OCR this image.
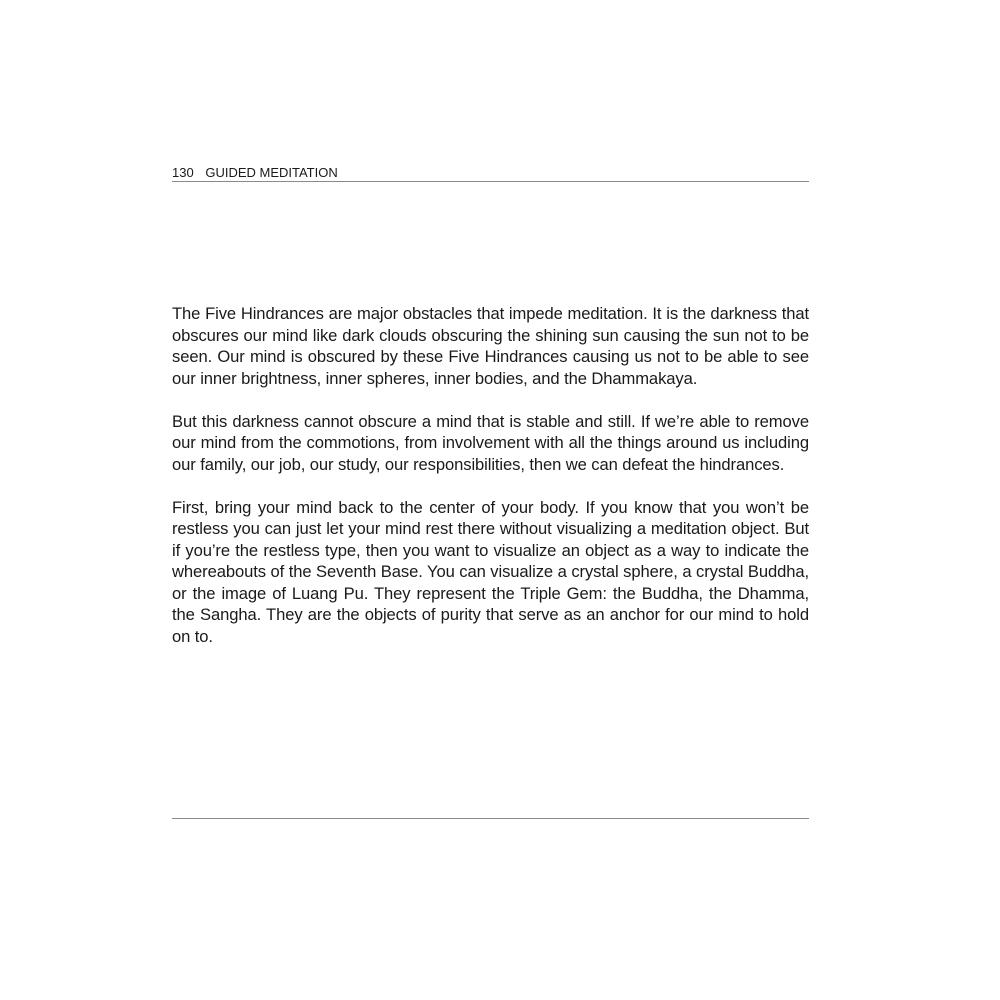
130 GUIDED MEDITATION

The Five Hindrances are major obstacles that impede meditation. It is the darkness that obscures our mind like dark clouds obscuring the shining sun causing the sun not to be seen. Our mind is obscured by these Five Hindrances causing us not to be able to see our inner brightness, inner spheres, inner bodies, and the Dhammakaya.

But this darkness cannot obscure a mind that is stable and still. If we’re able to remove our mind from the commotions, from involvement with all the things around us including our family, our job, our study, our responsibilities, then we can defeat the hindrances.

First, bring your mind back to the center of your body. If you know that you won’t be restless you can just let your mind rest there without visualizing a meditation object. But if you’re the restless type, then you want to visualize an object as a way to indicate the whereabouts of the Seventh Base. You can visualize a crystal sphere, a crystal Buddha, or the image of Luang Pu. They represent the Triple Gem: the Buddha, the Dhamma, the Sangha. They are the objects of purity that serve as an anchor for our mind to hold on to.
